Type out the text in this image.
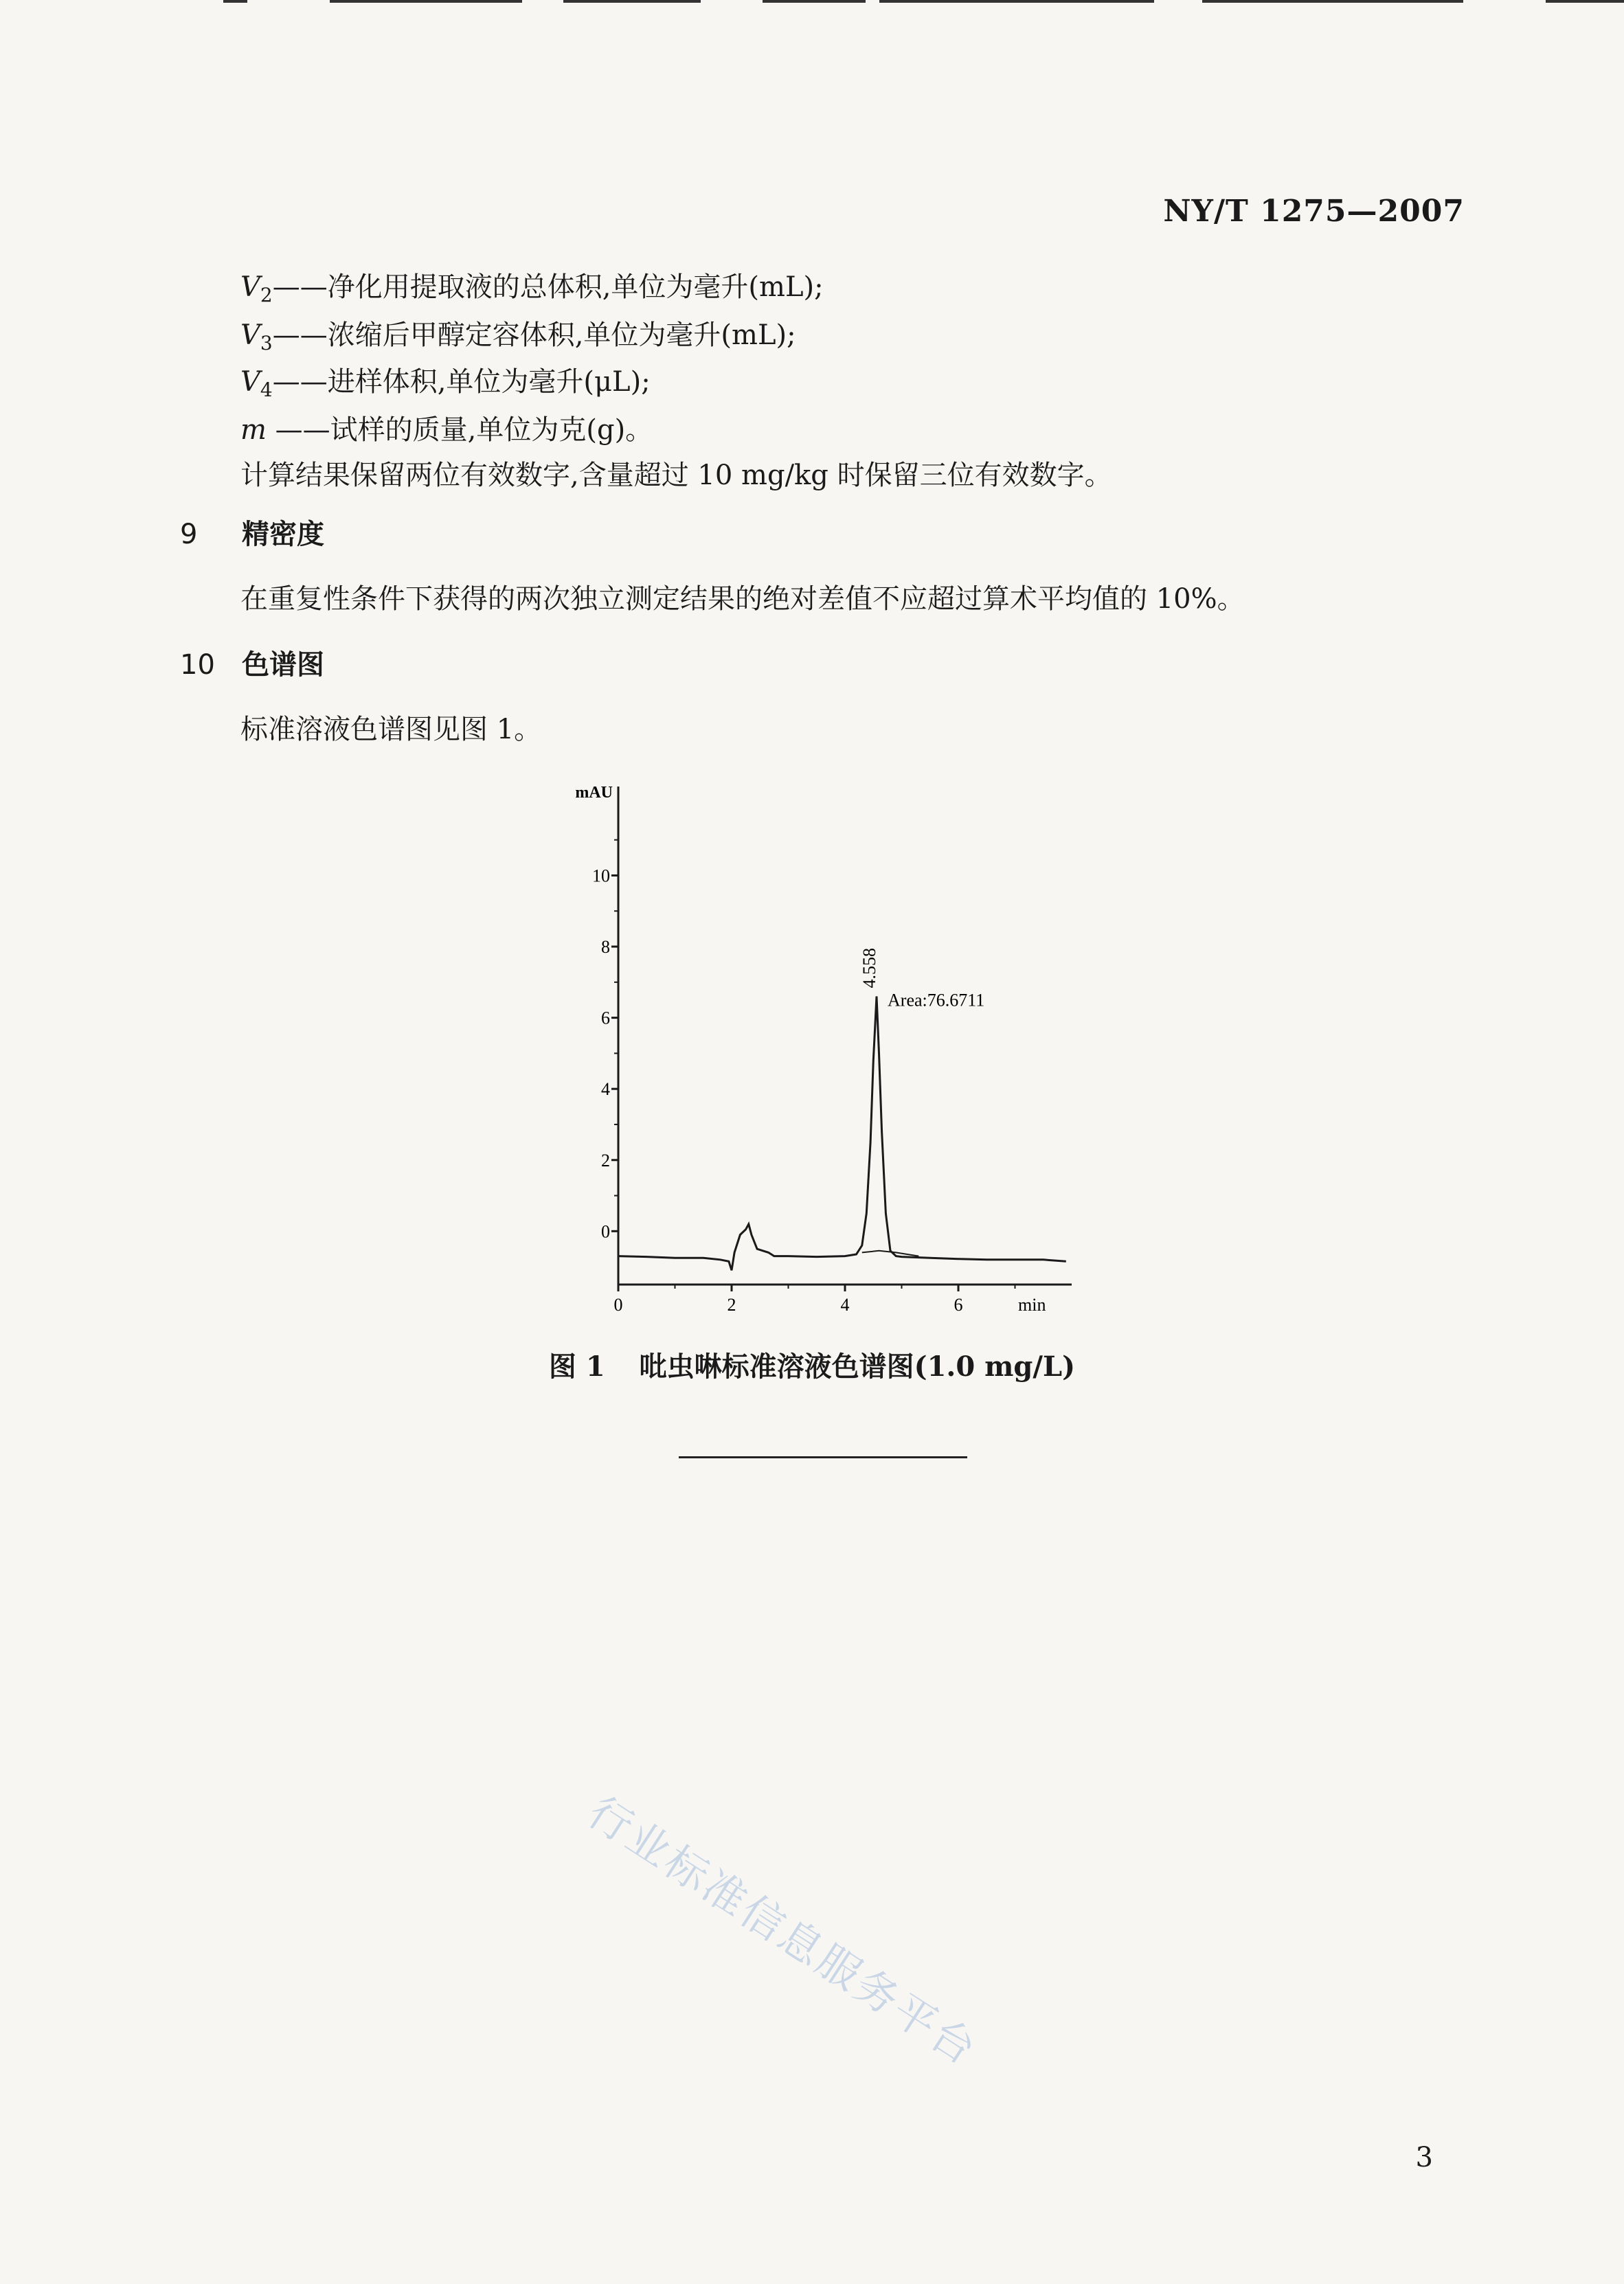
NY/T 1275—2007
$V_2——$净化用提取液的总体积,单位为毫升(mL);
$V_3——$浓缩后甲醇定容体积,单位为毫升(mL);
$V_4——$进样体积,单位为毫升(μL);
m ——试样的质量,单位为克(g)。
计算结果保留两位有效数字,含量超过 10 mg/kg 时保留三位有效数字。
9 精密度
在重复性条件下获得的两次独立测定结果的绝对差值不应超过算术平均值的 10%。
10 色谱图
标准溶液色谱图见图 1。
0
2
4
6
8
10
0	2	4	6
mAU
min
4.558
Area:76.6711
图 1 吡虫啉标准溶液色谱图(1.0 mg/L)
行业标准信息服务平台
3
